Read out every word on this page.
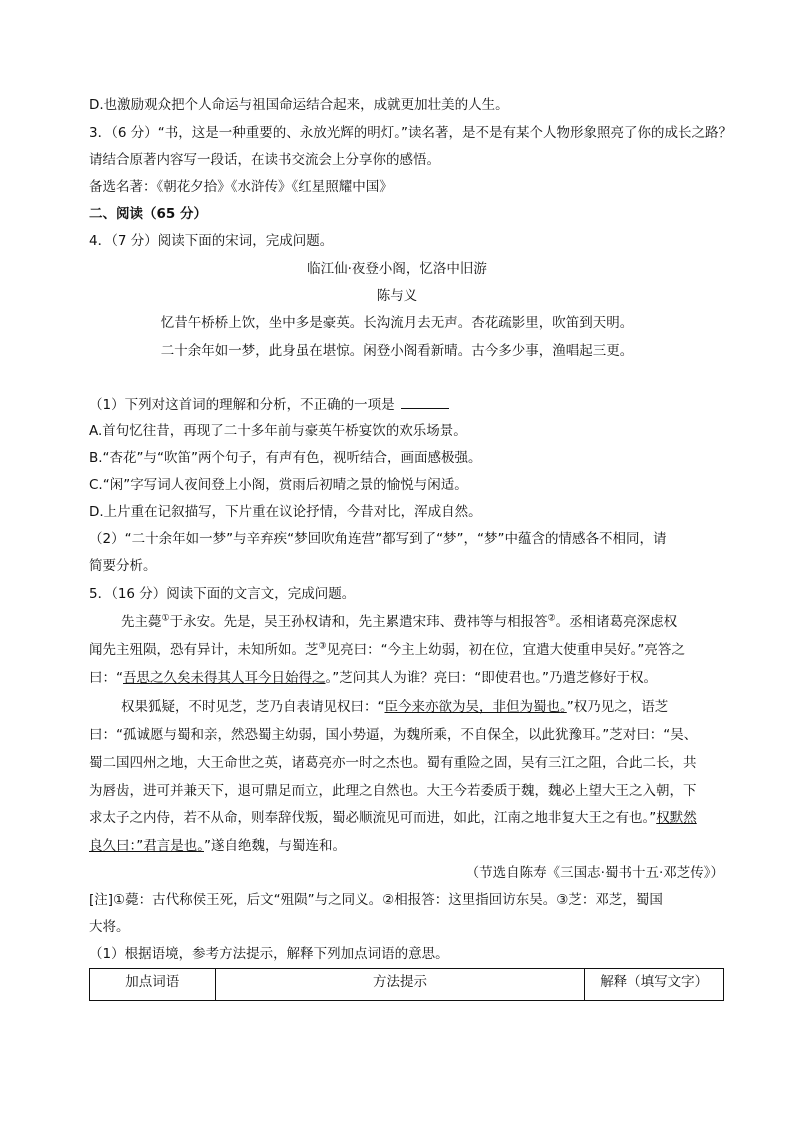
D.也激励观众把个人命运与祖国命运结合起来，成就更加壮美的人生。
3．（6 分）“书，这是一种重要的、永放光辉的明灯。”读名著，是不是有某个人物形象照亮了你的成长之路？
请结合原著内容写一段话，在读书交流会上分享你的感悟。
备选名著：《朝花夕拾》《水浒传》《红星照耀中国》
二、阅读（65 分）
4．（7 分）阅读下面的宋词，完成问题。
临江仙·夜登小阁，忆洛中旧游
陈与义
忆昔午桥桥上饮，坐中多是豪英。长沟流月去无声。杏花疏影里，吹笛到天明。
二十余年如一梦，此身虽在堪惊。闲登小阁看新晴。古今多少事，渔唱起三更。
（1）下列对这首词的理解和分析，不正确的一项是
A.首句忆往昔，再现了二十多年前与豪英午桥宴饮的欢乐场景。
B.“杏花”与“吹笛”两个句子，有声有色，视听结合，画面感极强。
C.“闲”字写词人夜间登上小阁，赏雨后初晴之景的愉悦与闲适。
D.上片重在记叙描写，下片重在议论抒情，今昔对比，浑成自然。
（2）“二十余年如一梦”与辛弃疾“梦回吹角连营”都写到了“梦”，“梦”中蕴含的情感各不相同，请
简要分析。
5．（16 分）阅读下面的文言文，完成问题。
先主薨①于永安。先是，吴王孙权请和，先主累遣宋玮、费祎等与相报答②。丞相诸葛亮深虑权
闻先主殂陨，恐有异计，未知所如。芝③见亮曰：“今主上幼弱，初在位，宜遣大使重申吴好。”亮答之
曰：“吾思之久矣未得其人耳今日始得之。”芝问其人为谁？亮曰：“即使君也。”乃遣芝修好于权。
权果狐疑，不时见芝，芝乃自表请见权曰：“臣今来亦欲为吴，非但为蜀也。”权乃见之，语芝
曰：“孤诚愿与蜀和亲，然恐蜀主幼弱，国小势逼，为魏所乘，不自保全，以此犹豫耳。”芝对曰：“吴、
蜀二国四州之地，大王命世之英，诸葛亮亦一时之杰也。蜀有重险之固，吴有三江之阻，合此二长，共
为唇齿，进可并兼天下，退可鼎足而立，此理之自然也。大王今若委质于魏，魏必上望大王之入朝，下
求太子之内侍，若不从命，则奉辞伐叛，蜀必顺流见可而进，如此，江南之地非复大王之有也。”权默然
良久曰：”君言是也。”遂自绝魏，与蜀连和。
（节选自陈寿《三国志·蜀书十五·邓芝传》）
[注]①薨：古代称侯王死，后文“殂陨”与之同义。②相报答：这里指回访东吴。③芝：邓芝，蜀国
大将。
（1）根据语境，参考方法提示，解释下列加点词语的意思。
加点词语	方法提示	解释（填写文字）
